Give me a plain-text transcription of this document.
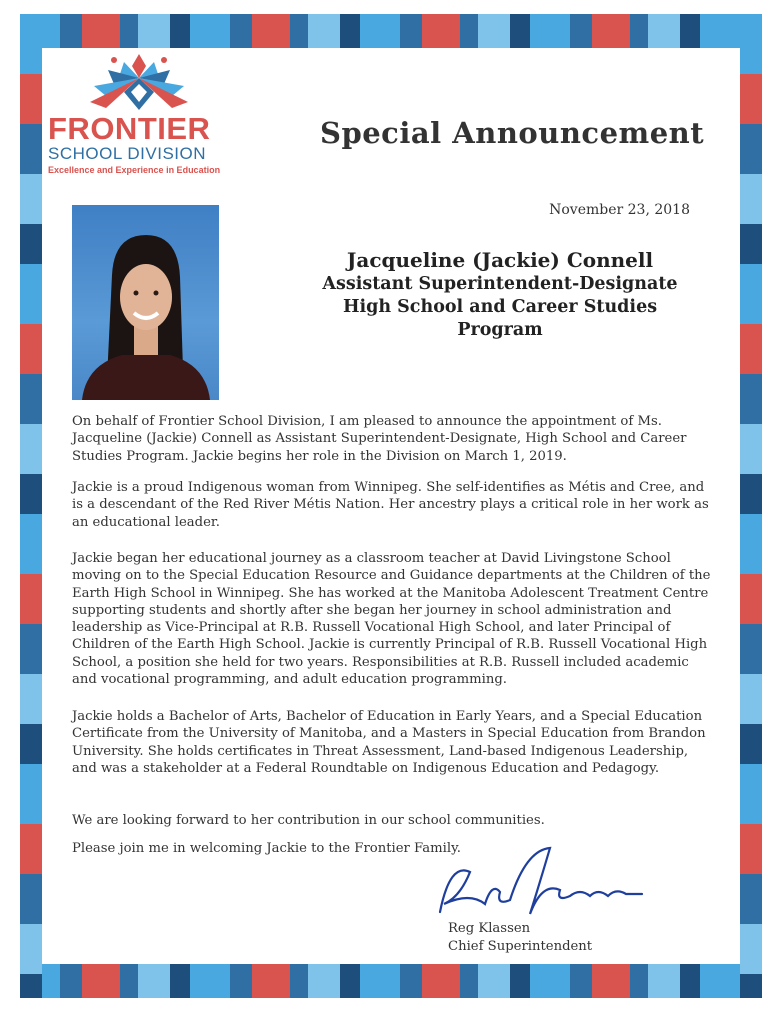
FRONTIER
SCHOOL DIVISION
Excellence and Experience in Education
Special Announcement
November 23, 2018
Jacqueline (Jackie) Connell
Assistant Superintendent-Designate
High School and Career Studies
Program

On behalf of Frontier School Division, I am pleased to announce the appointment of Ms. Jacqueline (Jackie) Connell as Assistant Superintendent-Designate, High School and Career Studies Program. Jackie begins her role in the Division on March 1, 2019.

Jackie is a proud Indigenous woman from Winnipeg. She self-identifies as Métis and Cree, and is a descendant of the Red River Métis Nation. Her ancestry plays a critical role in her work as an educational leader.

Jackie began her educational journey as a classroom teacher at David Livingstone School moving on to the Special Education Resource and Guidance departments at the Children of the Earth High School in Winnipeg. She has worked at the Manitoba Adolescent Treatment Centre supporting students and shortly after she began her journey in school administration and leadership as Vice-Principal at R.B. Russell Vocational High School, and later Principal of Children of the Earth High School. Jackie is currently Principal of R.B. Russell Vocational High School, a position she held for two years. Responsibilities at R.B. Russell included academic and vocational programming, and adult education programming.

Jackie holds a Bachelor of Arts, Bachelor of Education in Early Years, and a Special Education Certificate from the University of Manitoba, and a Masters in Special Education from Brandon University. She holds certificates in Threat Assessment, Land-based Indigenous Leadership, and was a stakeholder at a Federal Roundtable on Indigenous Education and Pedagogy.

We are looking forward to her contribution in our school communities.

Please join me in welcoming Jackie to the Frontier Family.

Reg Klassen
Chief Superintendent
